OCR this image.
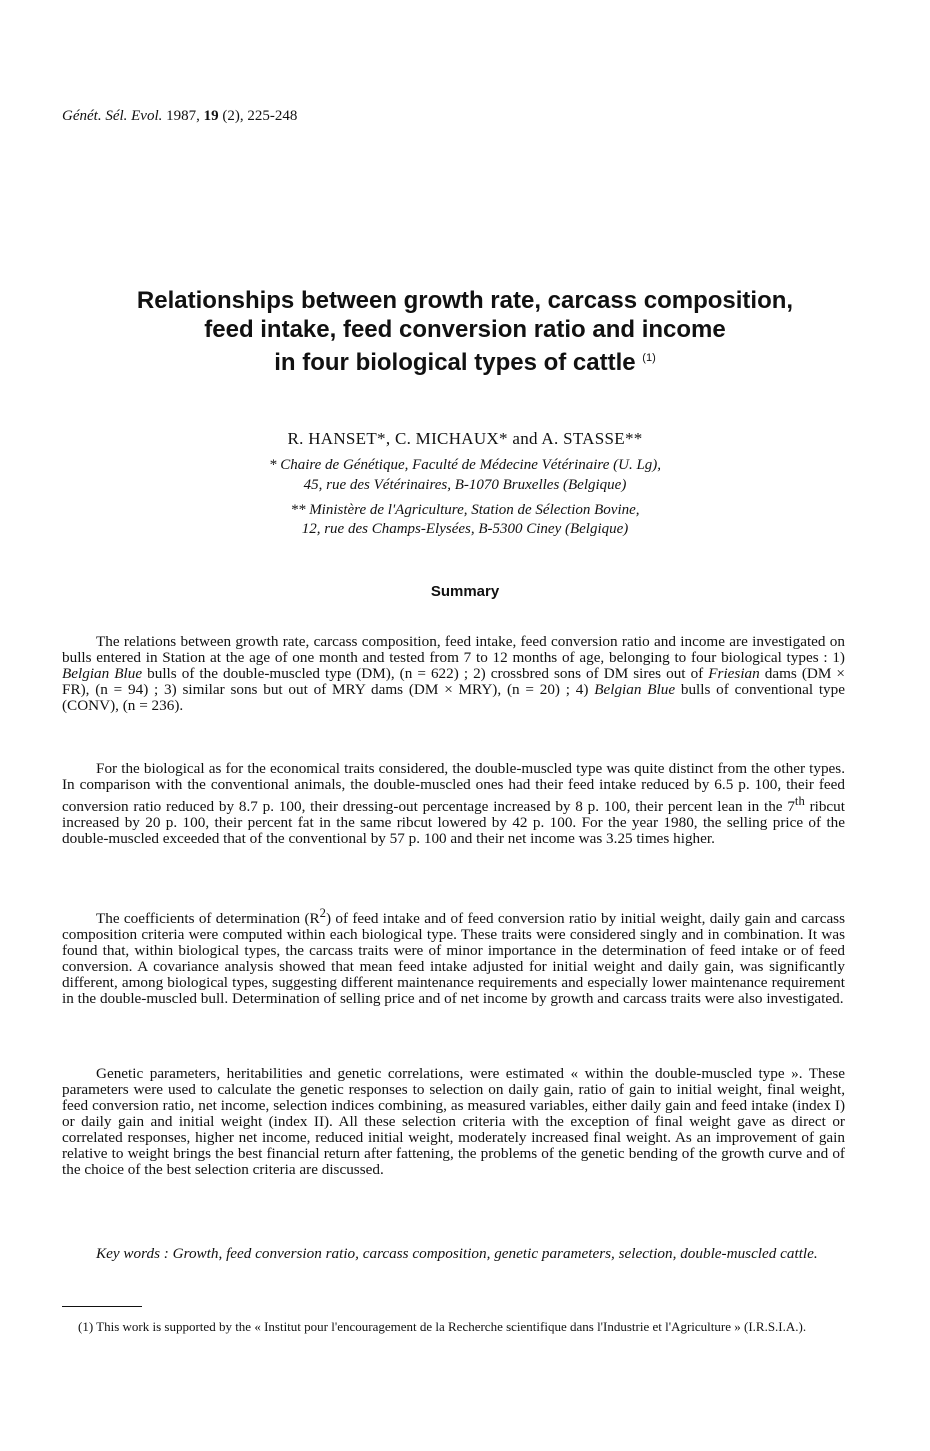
Génét. Sél. Evol. 1987, 19 (2), 225-248
Relationships between growth rate, carcass composition,
feed intake, feed conversion ratio and income
in four biological types of cattle $^{(1)}$
R. HANSET*, C. MICHAUX* and A. STASSE**
* Chaire de Génétique, Faculté de Médecine Vétérinaire (U. Lg),
45, rue des Vétérinaires, B-1070 Bruxelles (Belgique)
** Ministère de l'Agriculture, Station de Sélection Bovine,
12, rue des Champs-Elysées, B-5300 Ciney (Belgique)
Summary

The relations between growth rate, carcass composition, feed intake, feed conversion ratio and income are investigated on bulls entered in Station at the age of one month and tested from 7 to 12 months of age, belonging to four biological types : 1) Belgian Blue bulls of the double-muscled type (DM), (n = 622) ; 2) crossbred sons of DM sires out of Friesian dams (DM × FR), (n = 94) ; 3) similar sons but out of MRY dams (DM × MRY), (n = 20) ; 4) Belgian Blue bulls of conventional type (CONV), (n = 236).

For the biological as for the economical traits considered, the double-muscled type was quite distinct from the other types. In comparison with the conventional animals, the double-muscled ones had their feed intake reduced by 6.5 p. 100, their feed conversion ratio reduced by 8.7 p. 100, their dressing-out percentage increased by 8 p. 100, their percent lean in the 7th ribcut increased by 20 p. 100, their percent fat in the same ribcut lowered by 42 p. 100. For the year 1980, the selling price of the double-muscled exceeded that of the conventional by 57 p. 100 and their net income was 3.25 times higher.

The coefficients of determination $(R^2)$ of feed intake and of feed conversion ratio by initial weight, daily gain and carcass composition criteria were computed within each biological type. These traits were considered singly and in combination. It was found that, within biological types, the carcass traits were of minor importance in the determination of feed intake or of feed conversion. A covariance analysis showed that mean feed intake adjusted for initial weight and daily gain, was significantly different, among biological types, suggesting different maintenance requirements and especially lower maintenance requirement in the double-muscled bull. Determination of selling price and of net income by growth and carcass traits were also investigated.

Genetic parameters, heritabilities and genetic correlations, were estimated « within the double-muscled type ». These parameters were used to calculate the genetic responses to selection on daily gain, ratio of gain to initial weight, final weight, feed conversion ratio, net income, selection indices combining, as measured variables, either daily gain and feed intake (index I) or daily gain and initial weight (index II). All these selection criteria with the exception of final weight gave as direct or correlated responses, higher net income, reduced initial weight, moderately increased final weight. As an improvement of gain relative to weight brings the best financial return after fattening, the problems of the genetic bending of the growth curve and of the choice of the best selection criteria are discussed.

Key words : Growth, feed conversion ratio, carcass composition, genetic parameters, selection, double-muscled cattle.

(1) This work is supported by the « Institut pour l'encouragement de la Recherche scientifique dans l'Industrie et l'Agriculture » (I.R.S.I.A.).
